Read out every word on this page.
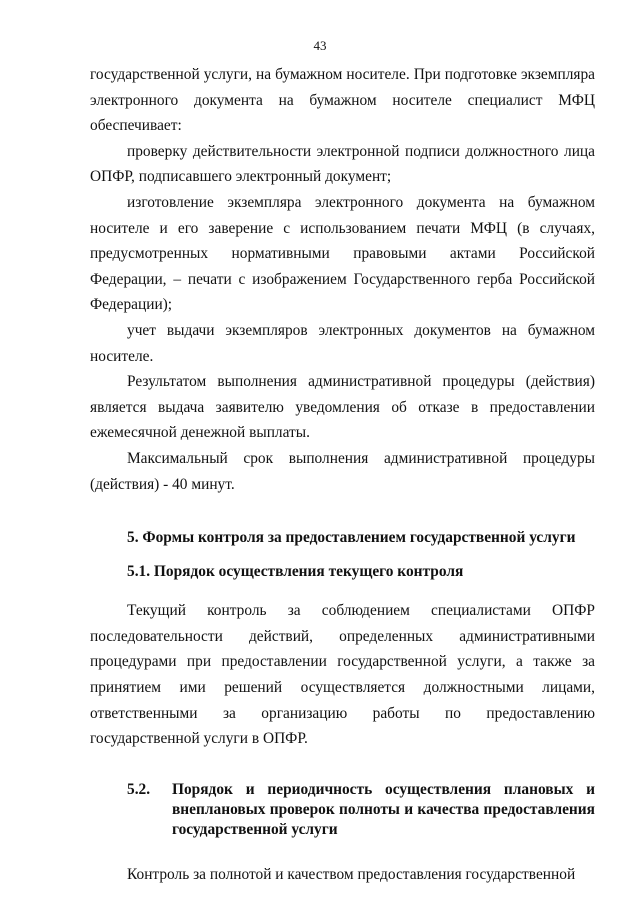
43

государственной услуги, на бумажном носителе. При подготовке экземпляра электронного документа на бумажном носителе специалист МФЦ обеспечивает:

проверку действительности электронной подписи должностного лица ОПФР, подписавшего электронный документ;

изготовление экземпляра электронного документа на бумажном носителе и его заверение с использованием печати МФЦ (в случаях, предусмотренных нормативными правовыми актами Российской Федерации, – печати с изображением Государственного герба Российской Федерации);

учет выдачи экземпляров электронных документов на бумажном носителе.

Результатом выполнения административной процедуры (действия) является выдача заявителю уведомления об отказе в предоставлении ежемесячной денежной выплаты.

Максимальный срок выполнения административной процедуры (действия) - 40 минут.

5. Формы контроля за предоставлением государственной услуги
5.1. Порядок осуществления текущего контроля

Текущий контроль за соблюдением специалистами ОПФР последовательности действий, определенных административными процедурами при предоставлении государственной услуги, а также за принятием ими решений осуществляется должностными лицами, ответственными за организацию работы по предоставлению государственной услуги в ОПФР.

5.2.	Порядок и периодичность осуществления плановых и внеплановых проверок полноты и качества предоставления государственной услуги

Контроль за полнотой и качеством предоставления государственной
